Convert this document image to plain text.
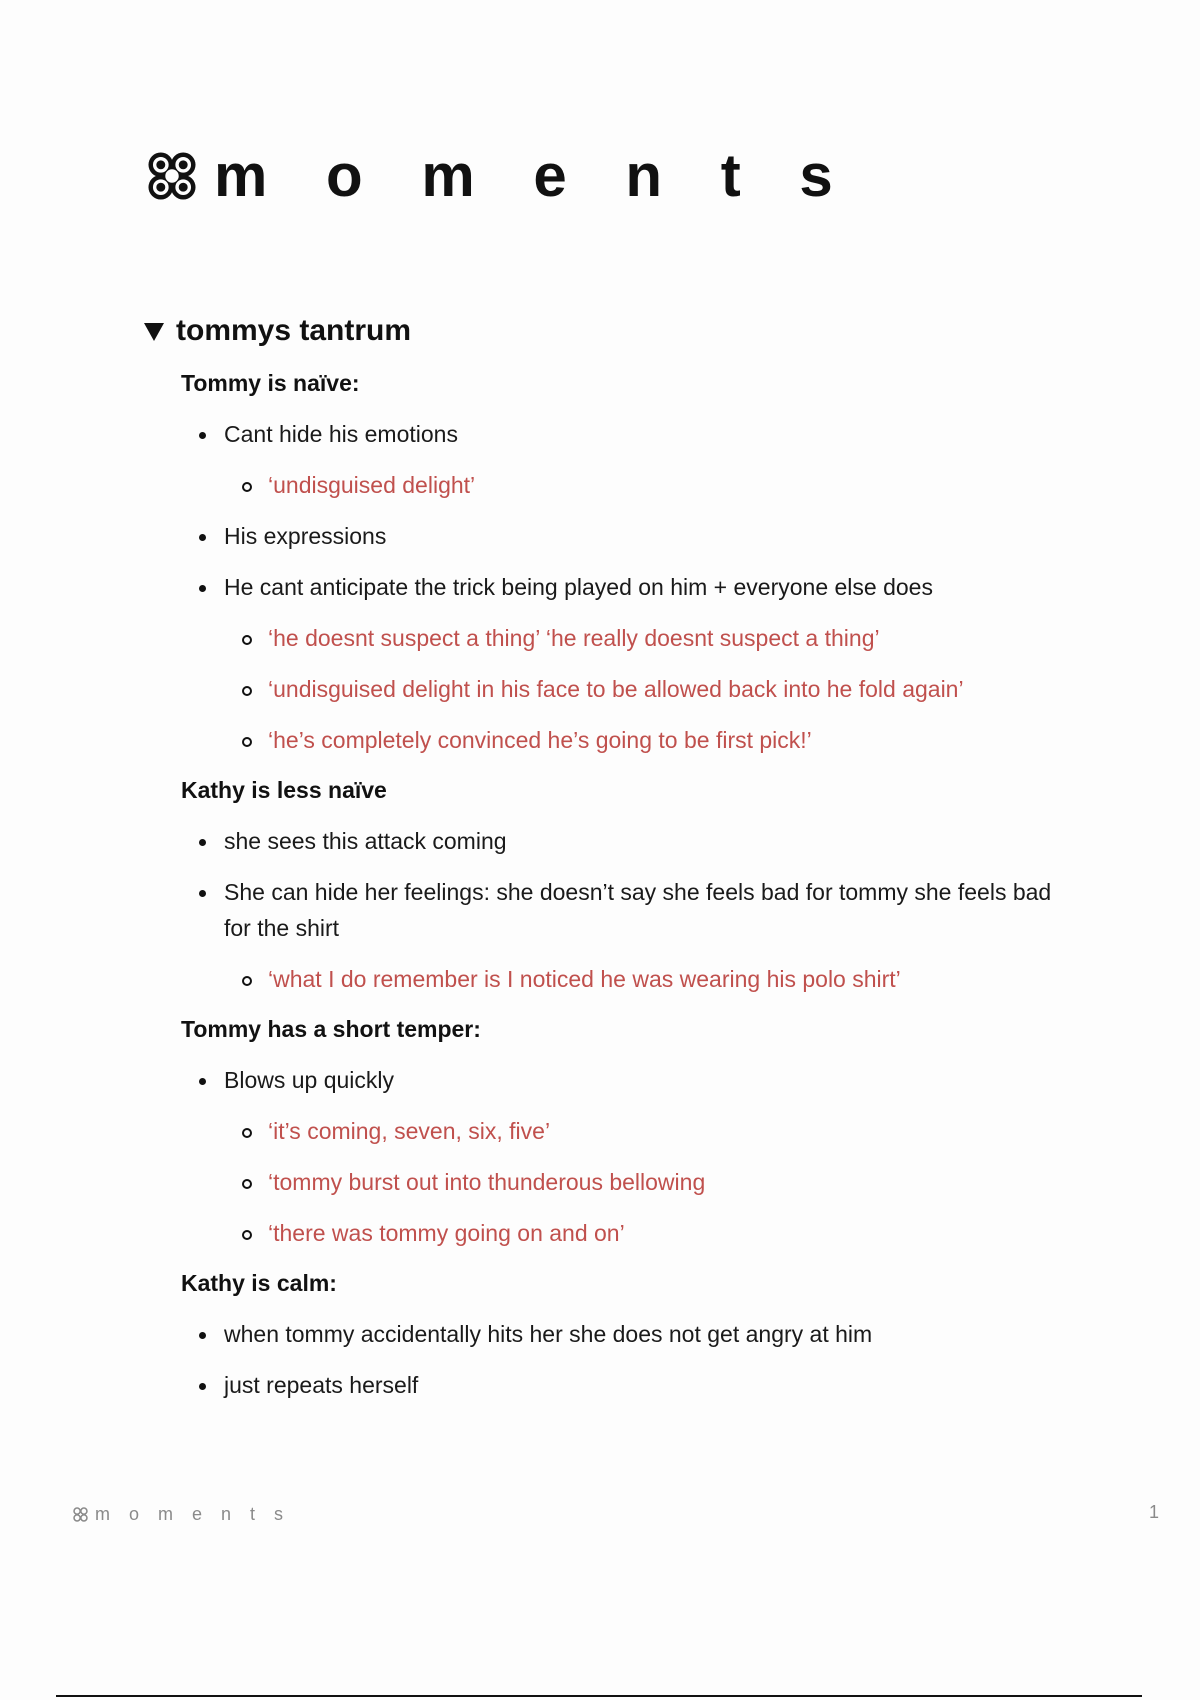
m o m e n t s
tommys tantrum
Tommy is naïve:
Cant hide his emotions
‘undisguised delight’
His expressions
He cant anticipate the trick being played on him + everyone else does
‘he doesnt suspect a thing’ ‘he really doesnt suspect a thing’
‘undisguised delight in his face to be allowed back into he fold again’
‘he’s completely convinced he’s going to be first pick!’
Kathy is less naïve
she sees this attack coming
She can hide her feelings: she doesn’t say she feels bad for tommy she feels bad for the shirt
‘what I do remember is I noticed he was wearing his polo shirt’
Tommy has a short temper:
Blows up quickly
‘it’s coming, seven, six, five’
‘tommy burst out into thunderous bellowing
‘there was tommy going on and on’
Kathy is calm:
when tommy accidentally hits her she does not get angry at him
just repeats herself
m o m e n t s	1
